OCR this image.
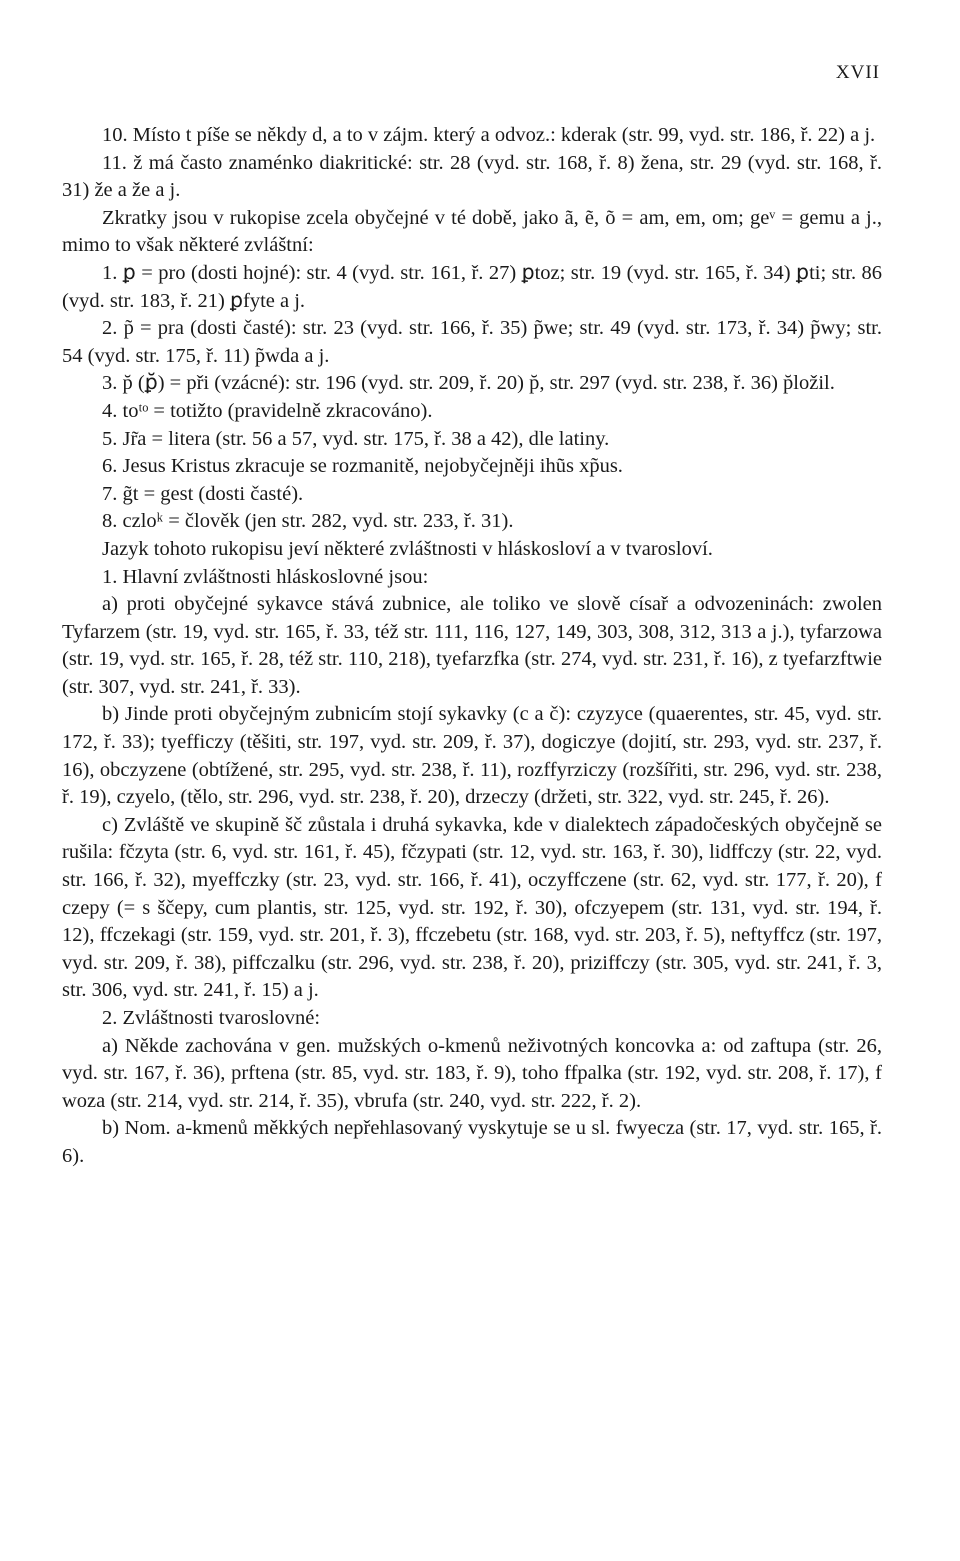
XVII

10. Místo t píše se někdy d, a to v zájm. který a odvoz.: kderak (str. 99, vyd. str. 186, ř. 22) a j.

11. ž má často znaménko diakritické: str. 28 (vyd. str. 168, ř. 8) žena, str. 29 (vyd. str. 168, ř. 31) že a že a j.

Zkratky jsou v rukopise zcela obyčejné v té době, jako ã, ẽ, õ = am, em, om; geᵛ = gemu a j., mimo to však některé zvláštní:

1. ꝑ = pro (dosti hojné): str. 4 (vyd. str. 161, ř. 27) ꝑtoz; str. 19 (vyd. str. 165, ř. 34) ꝑti; str. 86 (vyd. str. 183, ř. 21) ꝑfyte a j.

2. p̃ = pra (dosti časté): str. 23 (vyd. str. 166, ř. 35) p̃we; str. 49 (vyd. str. 173, ř. 34) p̃wy; str. 54 (vyd. str. 175, ř. 11) p̃wda a j.

3. p̆ (ꝑ̆) = při (vzácné): str. 196 (vyd. str. 209, ř. 20) p̆, str. 297 (vyd. str. 238, ř. 36) p̆ložil.

4. toᵗᵒ = totižto (pravidelně zkracováno).

5. Jr̃a = litera (str. 56 a 57, vyd. str. 175, ř. 38 a 42), dle latiny.

6. Jesus Kristus zkracuje se rozmanitě, nejobyčejněji ihũs xp̃us.

7. g̃t = gest (dosti časté).

8. czloᵏ = člověk (jen str. 282, vyd. str. 233, ř. 31).

Jazyk tohoto rukopisu jeví některé zvláštnosti v hláskosloví a v tvarosloví.

1. Hlavní zvláštnosti hláskoslovné jsou:

a) proti obyčejné sykavce stává zubnice, ale toliko ve slově císař a odvozeninách: zwolen Tyfarzem (str. 19, vyd. str. 165, ř. 33, též str. 111, 116, 127, 149, 303, 308, 312, 313 a j.), tyfarzowa (str. 19, vyd. str. 165, ř. 28, též str. 110, 218), tyefarzfka (str. 274, vyd. str. 231, ř. 16), z tyefarzftwie (str. 307, vyd. str. 241, ř. 33).

b) Jinde proti obyčejným zubnicím stojí sykavky (c a č): czyzyce (quaerentes, str. 45, vyd. str. 172, ř. 33); tyefficzy (těšiti, str. 197, vyd. str. 209, ř. 37), dogiczye (dojití, str. 293, vyd. str. 237, ř. 16), obczyzene (obtížené, str. 295, vyd. str. 238, ř. 11), rozffyrziczy (rozšířiti, str. 296, vyd. str. 238, ř. 19), czyelo, (tělo, str. 296, vyd. str. 238, ř. 20), drzeczy (držeti, str. 322, vyd. str. 245, ř. 26).

c) Zvláště ve skupině šč zůstala i druhá sykavka, kde v dialektech západočeských obyčejně se rušila: fčzyta (str. 6, vyd. str. 161, ř. 45), fčzypati (str. 12, vyd. str. 163, ř. 30), lidffczy (str. 22, vyd. str. 166, ř. 32), myeffczky (str. 23, vyd. str. 166, ř. 41), oczyffczene (str. 62, vyd. str. 177, ř. 20), f czepy (= s ščepy, cum plantis, str. 125, vyd. str. 192, ř. 30), ofczyepem (str. 131, vyd. str. 194, ř. 12), ffczekagi (str. 159, vyd. str. 201, ř. 3), ffczebetu (str. 168, vyd. str. 203, ř. 5), neftyffcz (str. 197, vyd. str. 209, ř. 38), piffczalku (str. 296, vyd. str. 238, ř. 20), priziffczy (str. 305, vyd. str. 241, ř. 3, str. 306, vyd. str. 241, ř. 15) a j.

2. Zvláštnosti tvaroslovné:

a) Někde zachována v gen. mužských o-kmenů neživotných koncovka a: od zaftupa (str. 26, vyd. str. 167, ř. 36), prftena (str. 85, vyd. str. 183, ř. 9), toho ffpalka (str. 192, vyd. str. 208, ř. 17), f woza (str. 214, vyd. str. 214, ř. 35), vbrufa (str. 240, vyd. str. 222, ř. 2).

b) Nom. a-kmenů měkkých nepřehlasovaný vyskytuje se u sl. fwyecza (str. 17, vyd. str. 165, ř. 6).
